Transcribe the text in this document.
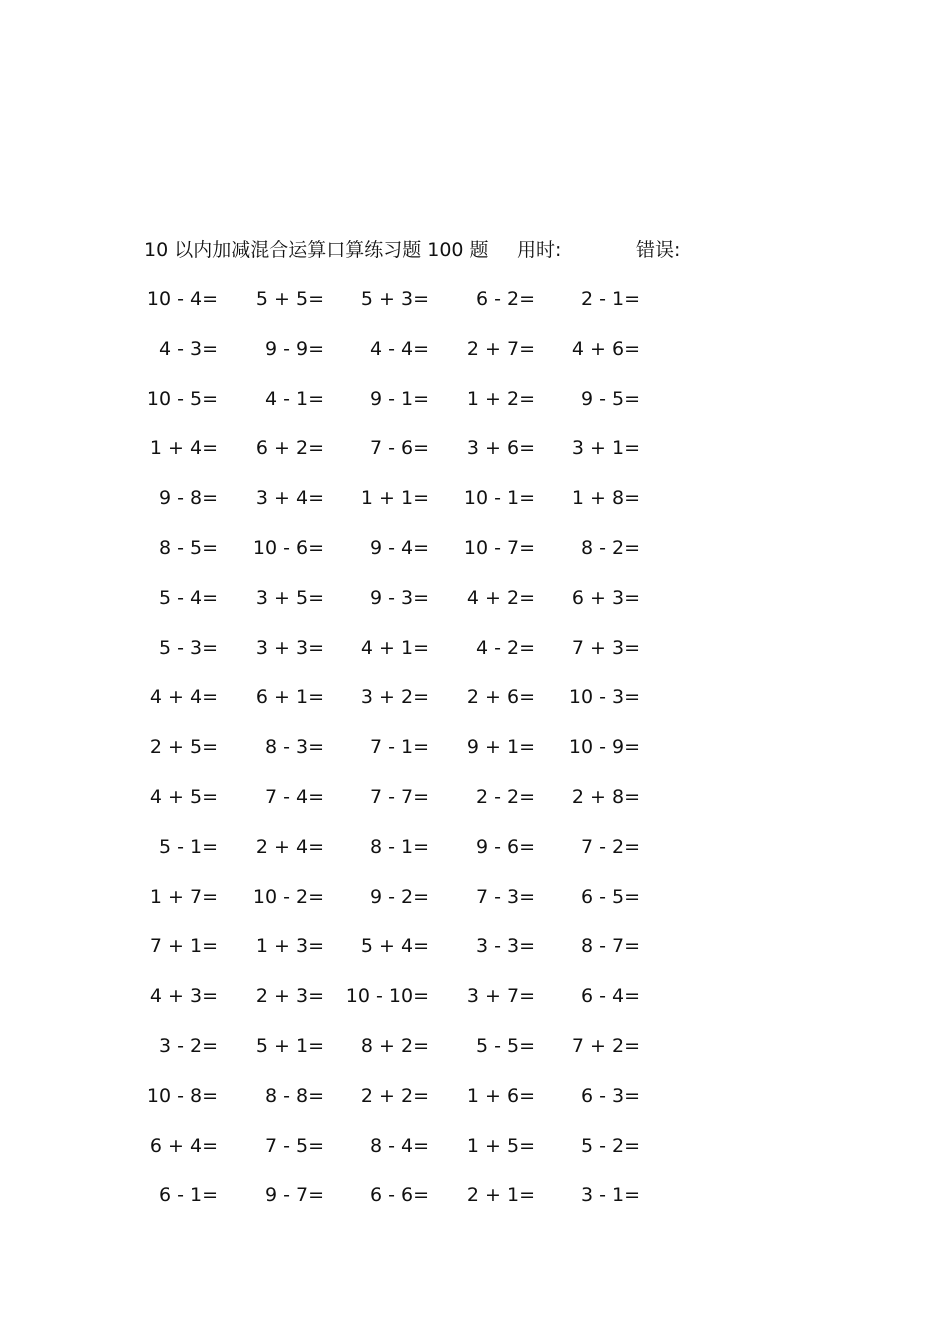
10 以内加减混合运算口算练习题 100 题 用时:	错误:
10 - 4= 5 + 5= 5 + 3= 6 - 2= 2 - 1=
4 - 3= 9 - 9= 4 - 4= 2 + 7= 4 + 6=
10 - 5= 4 - 1= 9 - 1= 1 + 2= 9 - 5=
1 + 4= 6 + 2= 7 - 6= 3 + 6= 3 + 1=
9 - 8= 3 + 4= 1 + 1= 10 - 1= 1 + 8=
8 - 5= 10 - 6= 9 - 4= 10 - 7= 8 - 2=
5 - 4= 3 + 5= 9 - 3= 4 + 2= 6 + 3=
5 - 3= 3 + 3= 4 + 1= 4 - 2= 7 + 3=
4 + 4= 6 + 1= 3 + 2= 2 + 6= 10 - 3=
2 + 5= 8 - 3= 7 - 1= 9 + 1= 10 - 9=
4 + 5= 7 - 4= 7 - 7= 2 - 2= 2 + 8=
5 - 1= 2 + 4= 8 - 1= 9 - 6= 7 - 2=
1 + 7= 10 - 2= 9 - 2= 7 - 3= 6 - 5=
7 + 1= 1 + 3= 5 + 4= 3 - 3= 8 - 7=
4 + 3= 2 + 3= 10 - 10= 3 + 7= 6 - 4=
3 - 2= 5 + 1= 8 + 2= 5 - 5= 7 + 2=
10 - 8= 8 - 8= 2 + 2= 1 + 6= 6 - 3=
6 + 4= 7 - 5= 8 - 4= 1 + 5= 5 - 2=
6 - 1= 9 - 7= 6 - 6= 2 + 1= 3 - 1=
